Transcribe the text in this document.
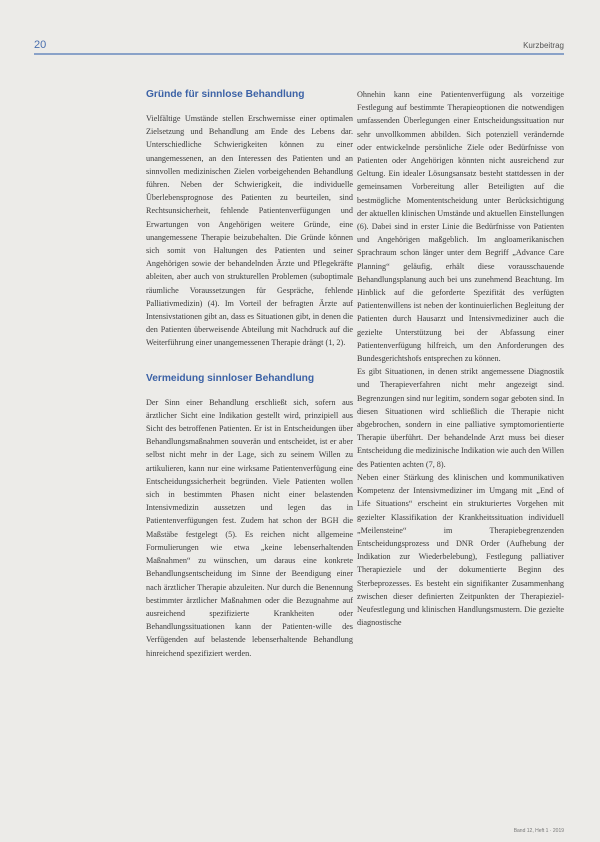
20	Kurzbeitrag
Gründe für sinnlose Behandlung

Vielfältige Umstände stellen Erschwernisse einer optimalen Zielsetzung und Behandlung am Ende des Lebens dar. Unterschiedliche Schwierigkeiten können zu einer unangemessenen, an den Interessen des Patienten und an sinnvollen medizinischen Zielen vorbeigehenden Behandlung führen. Neben der Schwierigkeit, die individuelle Überlebensprognose des Patienten zu beurteilen, sind Rechtsunsicherheit, fehlende Patientenverfügungen und Erwartungen von Angehörigen weitere Gründe, eine unangemessene Therapie beizubehalten. Die Gründe können sich somit von Haltungen des Patienten und seiner Angehörigen sowie der behandelnden Ärzte und Pflegekräfte ableiten, aber auch von strukturellen Problemen (suboptimale räumliche Voraussetzungen für Gespräche, fehlende Palliativmedizin) (4). Im Vorteil der befragten Ärzte auf Intensivstationen gibt an, dass es Situationen gibt, in denen die den Patienten überweisende Abteilung mit Nachdruck auf die Weiterführung einer unangemessenen Therapie drängt (1, 2).

Vermeidung sinnloser Behandlung

Der Sinn einer Behandlung erschließt sich, sofern aus ärztlicher Sicht eine Indikation gestellt wird, prinzipiell aus Sicht des betroffenen Patienten. Er ist in Entscheidungen über Behandlungsmaßnahmen souverän und entscheidet, ist er aber selbst nicht mehr in der Lage, sich zu seinem Willen zu artikulieren, kann nur eine wirksame Patientenverfügung eine Entscheidungssicherheit begründen. Viele Patienten wollen sich in bestimmten Phasen nicht einer belastenden Intensivmedizin aussetzen und legen das in Patientenverfügungen fest. Zudem hat schon der BGH die Maßstäbe festgelegt (5). Es reichen nicht allgemeine Formulierungen wie etwa „keine lebenserhaltenden Maßnahmen“ zu wünschen, um daraus eine konkrete Behandlungsentscheidung im Sinne der Beendigung einer nach ärztlicher Therapie abzuleiten. Nur durch die Benennung bestimmter ärztlicher Maßnahmen oder die Bezugnahme auf ausreichend spezifizierte Krankheiten oder Behandlungssituationen kann der Patienten-wille des Verfügenden auf belastende lebenserhaltende Behandlung hinreichend spezifiziert werden.

Ohnehin kann eine Patientenverfügung als vorzeitige Festlegung auf bestimmte Therapieoptionen die notwendigen umfassenden Überlegungen einer Entscheidungssituation nur sehr unvollkommen abbilden. Sich potenziell verändernde oder entwickelnde persönliche Ziele oder Bedürfnisse von Patienten oder Angehörigen könnten nicht ausreichend zur Geltung. Ein idealer Lösungsansatz besteht stattdessen in der gemeinsamen Vorbereitung aller Beteiligten auf die bestmögliche Momententscheidung unter Berücksichtigung der aktuellen klinischen Umstände und aktuellen Einstellungen (6). Dabei sind in erster Linie die Bedürfnisse von Patienten und Angehörigen maßgeblich. Im angloamerikanischen Sprachraum schon länger unter dem Begriff „Advance Care Planning“ geläufig, erhält diese vorausschauende Behandlungsplanung auch bei uns zunehmend Beachtung. Im Hinblick auf die geforderte Spezifität des verfügten Patientenwillens ist neben der kontinuierlichen Begleitung der Patienten durch Hausarzt und Intensivmediziner auch die gezielte Unterstützung bei der Abfassung einer Patientenverfügung hilfreich, um den Anforderungen des Bundesgerichtshofs entsprechen zu können.

Es gibt Situationen, in denen strikt angemessene Diagnostik und Therapieverfahren nicht mehr angezeigt sind. Begrenzungen sind nur legitim, sondern sogar geboten sind. In diesen Situationen wird schließlich die Therapie nicht abgebrochen, sondern in eine palliative symptomorientierte Therapie überführt. Der behandelnde Arzt muss bei dieser Entscheidung die medizinische Indikation wie auch den Willen des Patienten achten (7, 8).

Neben einer Stärkung des klinischen und kommunikativen Kompetenz der Intensivmediziner im Umgang mit „End of Life Situations“ erscheint ein strukturiertes Vorgehen mit gezielter Klassifikation der Krankheitssituation individuell „Meilensteine“ im Therapiebegrenzenden Entscheidungsprozess und DNR Order (Aufhebung der Indikation zur Wiederbelebung), Festlegung palliativer Therapieziele und der dokumentierte Beginn des Sterbeprozesses. Es besteht ein signifikanter Zusammenhang zwischen dieser definierten Zeitpunkten der Therapieziel-Neufestlegung und klinischen Handlungsmustern. Die gezielte diagnostische

Band 12, Heft 1 · 2019
